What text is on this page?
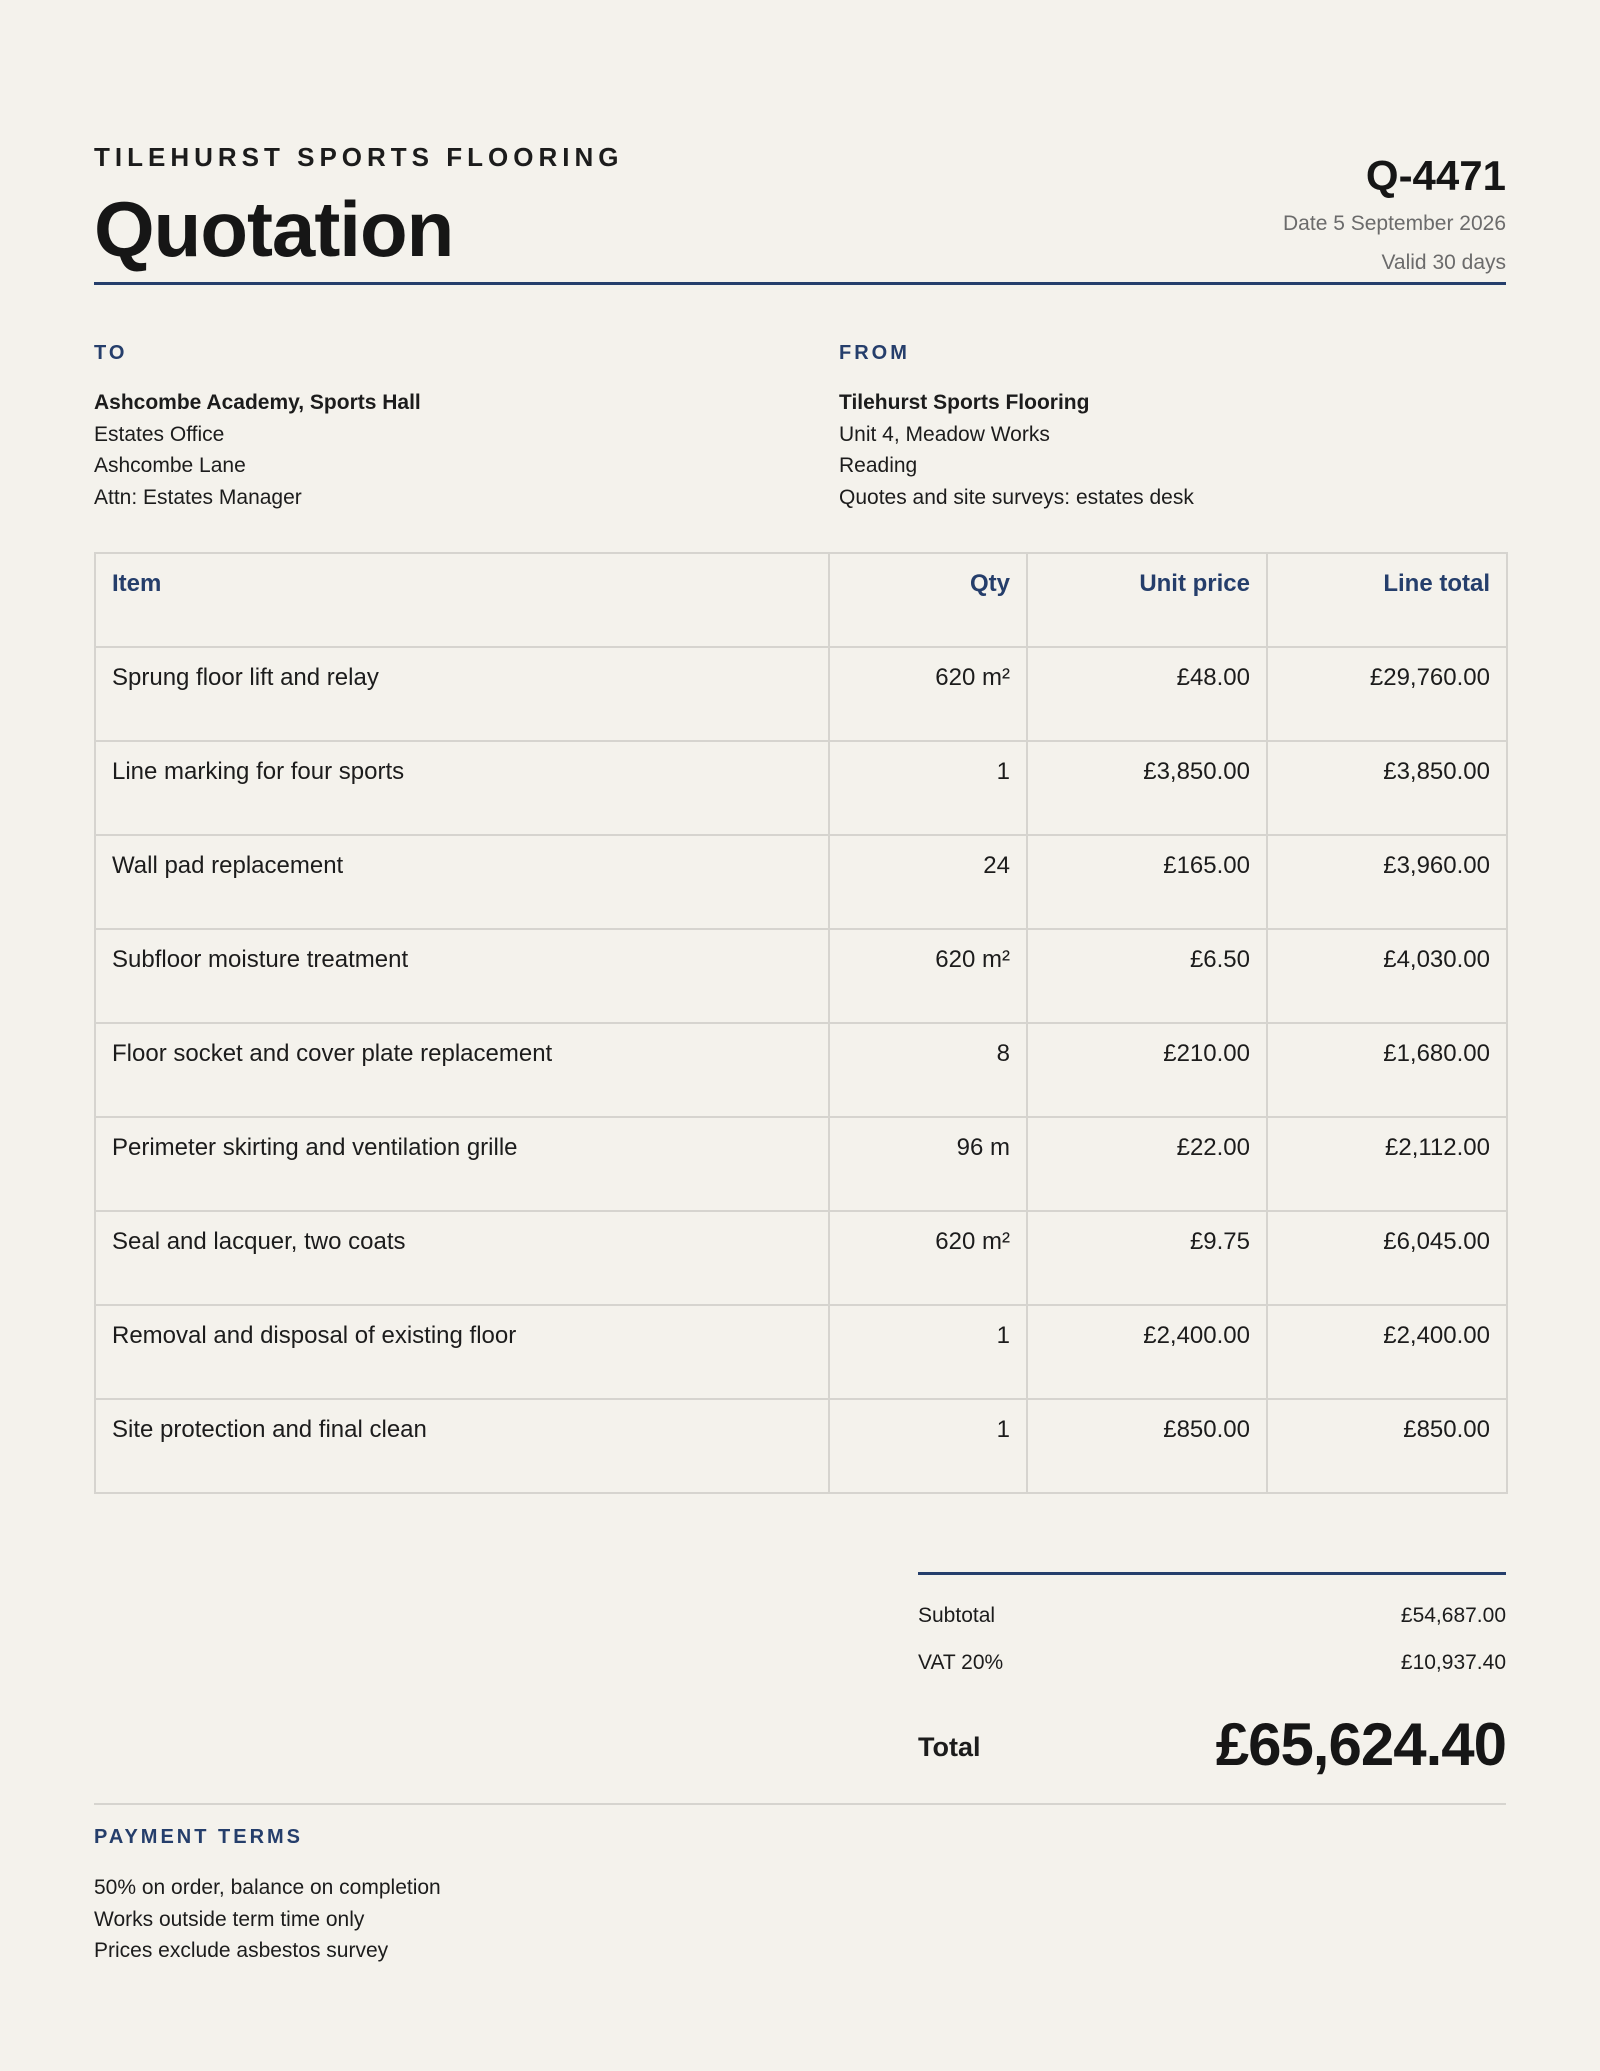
TILEHURST SPORTS FLOORING
Quotation
Q-4471
Date 5 September 2026
Valid 30 days
TO
Ashcombe Academy, Sports Hall
Estates Office
Ashcombe Lane
Attn: Estates Manager
FROM
Tilehurst Sports Flooring
Unit 4, Meadow Works
Reading
Quotes and site surveys: estates desk
Item	Qty	Unit price	Line total
Sprung floor lift and relay	620 m²	£48.00	£29,760.00
Line marking for four sports	1	£3,850.00	£3,850.00
Wall pad replacement	24	£165.00	£3,960.00
Subfloor moisture treatment	620 m²	£6.50	£4,030.00
Floor socket and cover plate replacement	8	£210.00	£1,680.00
Perimeter skirting and ventilation grille	96 m	£22.00	£2,112.00
Seal and lacquer, two coats	620 m²	£9.75	£6,045.00
Removal and disposal of existing floor	1	£2,400.00	£2,400.00
Site protection and final clean	1	£850.00	£850.00
Subtotal	£54,687.00
VAT 20%	£10,937.40
Total	£65,624.40
PAYMENT TERMS
50% on order, balance on completion
Works outside term time only
Prices exclude asbestos survey
